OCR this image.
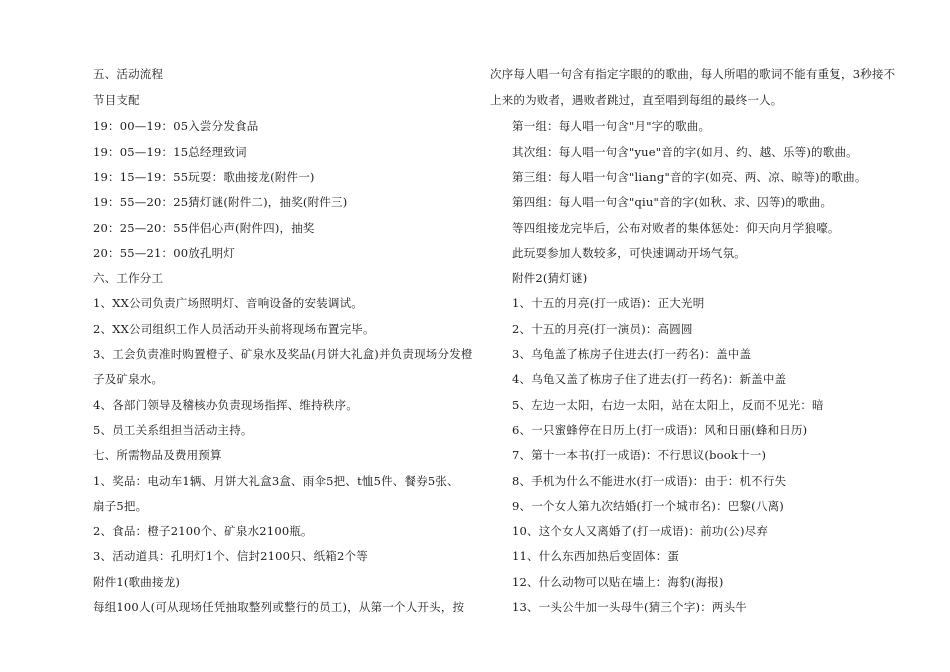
五、活动流程
节目支配
19：00—19：05入尝分发食品
19：05—19：15总经理致词
19：15—19：55玩耍：歌曲接龙(附件一)
19：55—20：25猜灯谜(附件二)，抽奖(附件三)
20：25—20：55伴侣心声(附件四)，抽奖
20：55—21：00放孔明灯
六、工作分工
1、XX公司负责广场照明灯、音响设备的安装调试。
2、XX公司组织工作人员活动开头前将现场布置完毕。
3、工会负责准时购置橙子、矿泉水及奖品(月饼大礼盒)并负责现场分发橙
子及矿泉水。
4、各部门领导及稽核办负责现场指挥、维持秩序。
5、员工关系组担当活动主持。
七、所需物品及费用预算
1、奖品：电动车1辆、月饼大礼盒3盒、雨伞5把、t恤5件、餐券5张、
扇子5把。
2、食品：橙子2100个、矿泉水2100瓶。
3、活动道具：孔明灯1个、信封2100只、纸箱2个等
附件1(歌曲接龙)
每组100人(可从现场任凭抽取整列或整行的员工)，从第一个人开头，按
次序每人唱一句含有指定字眼的的歌曲，每人所唱的歌词不能有重复，3秒接不
上来的为败者，遇败者跳过，直至唱到每组的最终一人。
第一组：每人唱一句含"月"字的歌曲。
其次组：每人唱一句含"yue"音的字(如月、约、越、乐等)的歌曲。
第三组：每人唱一句含"liang"音的字(如亮、两、凉、晾等)的歌曲。
第四组：每人唱一句含"qiu"音的字(如秋、求、囚等)的歌曲。
等四组接龙完毕后，公布对败者的集体惩处：仰天向月学狼嚎。
此玩耍参加人数较多，可快速调动开场气氛。
附件2(猜灯谜)
1、十五的月亮(打一成语)：正大光明
2、十五的月亮(打一演员)：高圆圆
3、乌龟盖了栋房子住进去(打一药名)：盖中盖
4、乌龟又盖了栋房子住了进去(打一药名)：新盖中盖
5、左边一太阳，右边一太阳，站在太阳上，反而不见光：暗
6、一只蜜蜂停在日历上(打一成语)：风和日丽(蜂和日历)
7、第十一本书(打一成语)：不行思议(book十一)
8、手机为什么不能进水(打一成语)：由于：机不行失
9、一个女人第九次结婚(打一个城市名)：巴黎(八离)
10、这个女人又离婚了(打一成语)：前功(公)尽弃
11、什么东西加热后变固体：蛋
12、什么动物可以贴在墙上：海豹(海报)
13、一头公牛加一头母牛(猜三个字)：两头牛
